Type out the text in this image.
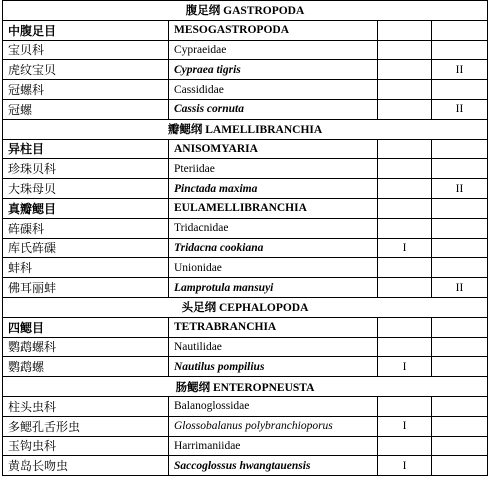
腹足纲 GASTROPODA			
中腹足目	MESOGASTROPODA		
宝贝科	Cypraeidae		
虎纹宝贝	Cypraea tigris		II
冠螺科	Cassididae		
冠螺	Cassis cornuta		II
瓣鳃纲 LAMELLIBRANCHIA			
异柱目	ANISOMYARIA		
珍珠贝科	Pteriidae		
大珠母贝	Pinctada maxima		II
真瓣鳃目	EULAMELLIBRANCHIA		
砗磲科	Tridacnidae		
库氏砗磲	Tridacna cookiana	I	
蚌科	Unionidae		
佛耳丽蚌	Lamprotula mansuyi		II
头足纲 CEPHALOPODA			
四鳃目	TETRABRANCHIA		
鹦鹉螺科	Nautilidae		
鹦鹉螺	Nautilus pompilius	I	
肠鳃纲 ENTEROPNEUSTA			
柱头虫科	Balanoglossidae		
多鳃孔舌形虫	Glossobalanus polybranchioporus	I	
玉钩虫科	Harrimaniidae		
黄岛长吻虫	Saccoglossus hwangtauensis	I	
